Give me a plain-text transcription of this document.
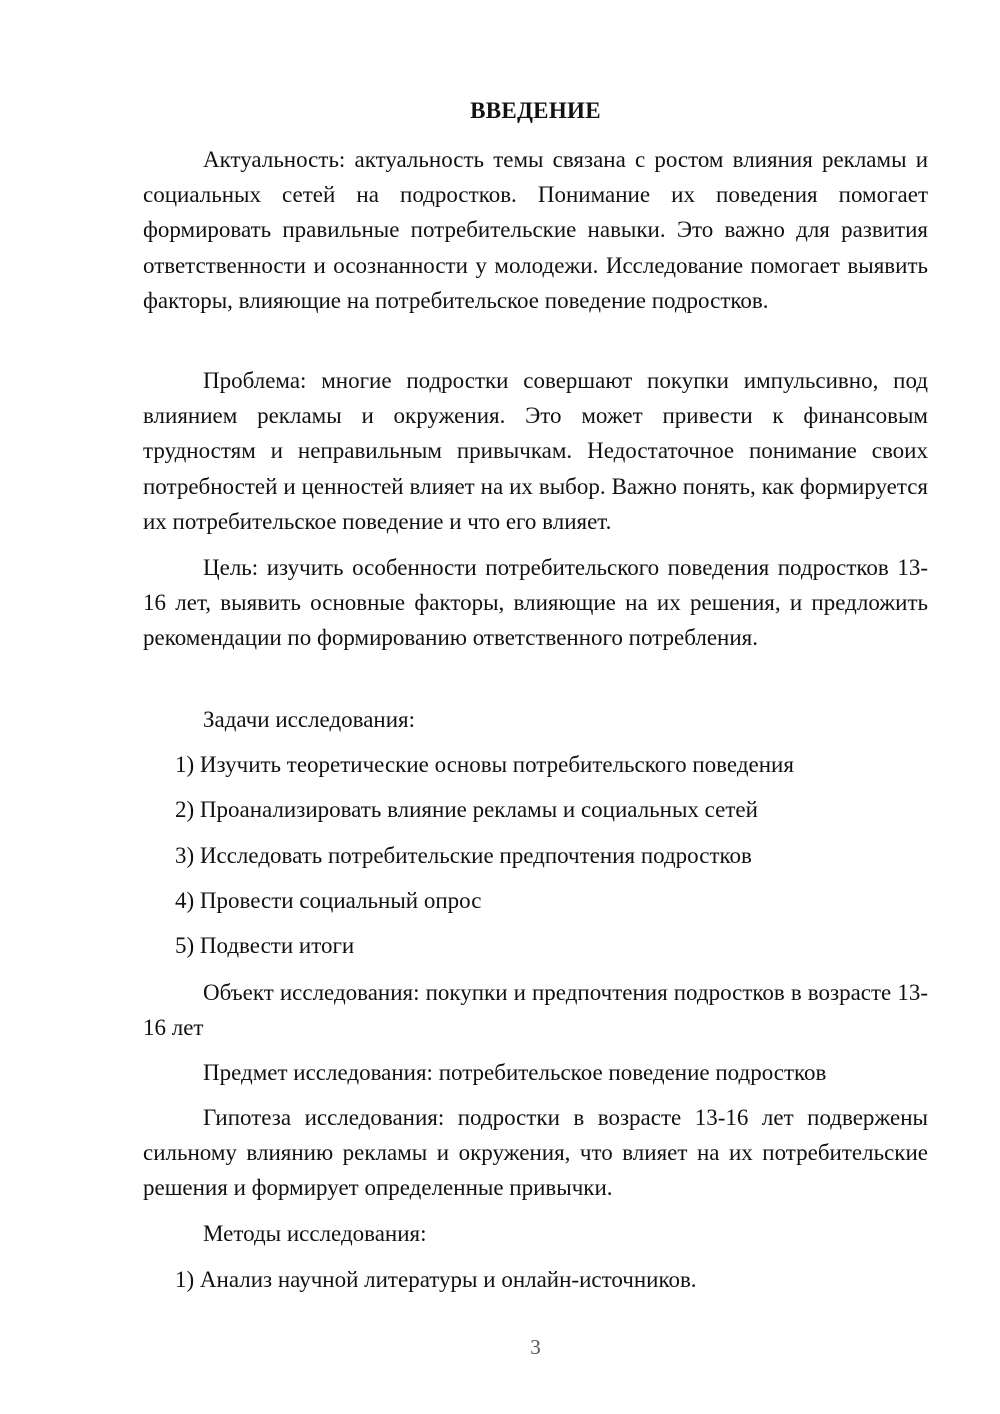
ВВЕДЕНИЕ

Актуальность: актуальность темы связана с ростом влияния рекламы и социальных сетей на подростков. Понимание их поведения помогает формировать правильные потребительские навыки. Это важно для развития ответственности и осознанности у молодежи. Исследование помогает выявить факторы, влияющие на потребительское поведение подростков.

Проблема: многие подростки совершают покупки импульсивно, под влиянием рекламы и окружения. Это может привести к финансовым трудностям и неправильным привычкам. Недостаточное понимание своих потребностей и ценностей влияет на их выбор. Важно понять, как формируется их потребительское поведение и что его влияет.

Цель: изучить особенности потребительского поведения подростков 13-16 лет, выявить основные факторы, влияющие на их решения, и предложить рекомендации по формированию ответственного потребления.

Задачи исследования:

1) Изучить теоретические основы потребительского поведения

2) Проанализировать влияние рекламы и социальных сетей

3) Исследовать потребительские предпочтения подростков

4) Провести социальный опрос

5) Подвести итоги

Объект исследования: покупки и предпочтения подростков в возрасте 13-16 лет

Предмет исследования: потребительское поведение подростков

Гипотеза исследования: подростки в возрасте 13-16 лет подвержены сильному влиянию рекламы и окружения, что влияет на их потребительские решения и формирует определенные привычки.

Методы исследования:

1) Анализ научной литературы и онлайн-источников.

3
